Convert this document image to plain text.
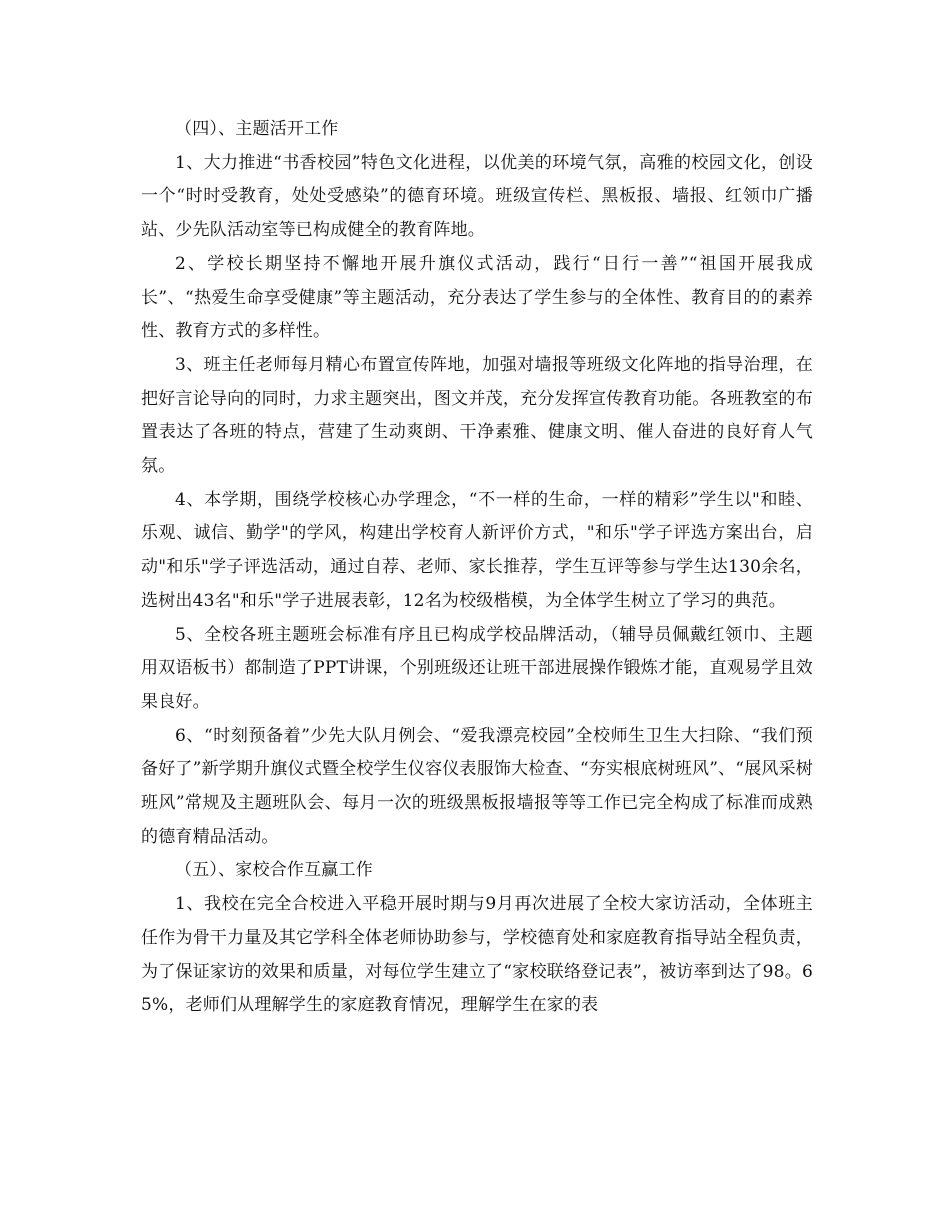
（四）、主题活开工作

1、大力推进“书香校园”特色文化进程，以优美的环境气氛，高雅的校园文化，创设一个“时时受教育，处处受感染”的德育环境。班级宣传栏、黑板报、墙报、红领巾广播站、少先队活动室等已构成健全的教育阵地。

2、学校长期坚持不懈地开展升旗仪式活动，践行“日行一善”“祖国开展我成长”、“热爱生命享受健康”等主题活动，充分表达了学生参与的全体性、教育目的的素养性、教育方式的多样性。

3、班主任老师每月精心布置宣传阵地，加强对墙报等班级文化阵地的指导治理，在把好言论导向的同时，力求主题突出，图文并茂，充分发挥宣传教育功能。各班教室的布置表达了各班的特点，营建了生动爽朗、干净素雅、健康文明、催人奋进的良好育人气氛。

4、本学期，围绕学校核心办学理念，“不一样的生命，一样的精彩”学生以"和睦、乐观、诚信、勤学"的学风，构建出学校育人新评价方式，"和乐"学子评选方案出台，启动"和乐"学子评选活动，通过自荐、老师、家长推荐，学生互评等参与学生达130余名，选树出43名"和乐"学子进展表彰，12名为校级楷模，为全体学生树立了学习的典范。

5、全校各班主题班会标准有序且已构成学校品牌活动，（辅导员佩戴红领巾、主题用双语板书）都制造了PPT讲课，个别班级还让班干部进展操作锻炼才能，直观易学且效果良好。

6、“时刻预备着”少先大队月例会、“爱我漂亮校园”全校师生卫生大扫除、“我们预备好了”新学期升旗仪式暨全校学生仪容仪表服饰大检查、“夯实根底树班风”、“展风采树班风”常规及主题班队会、每月一次的班级黑板报墙报等等工作已完全构成了标准而成熟的德育精品活动。

（五）、家校合作互赢工作

1、我校在完全合校进入平稳开展时期与9月再次进展了全校大家访活动，全体班主任作为骨干力量及其它学科全体老师协助参与，学校德育处和家庭教育指导站全程负责，为了保证家访的效果和质量，对每位学生建立了“家校联络登记表”，被访率到达了98。65%，老师们从理解学生的家庭教育情况，理解学生在家的表
